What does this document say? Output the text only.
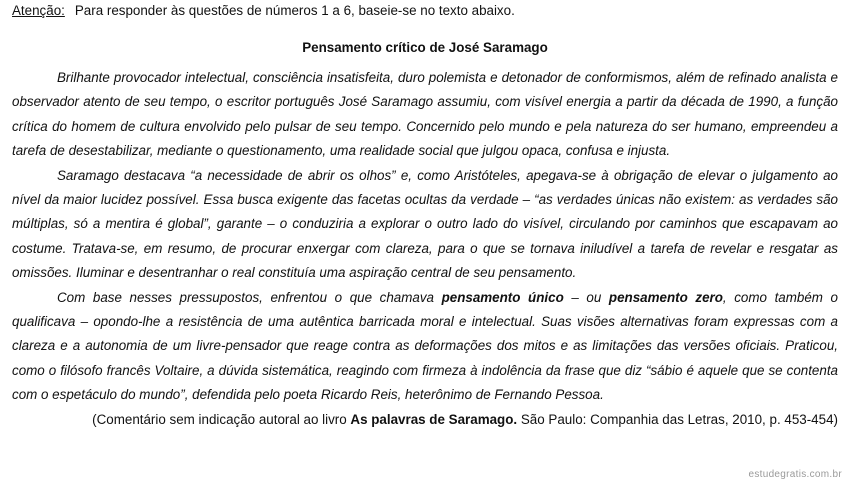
Atenção: Para responder às questões de números 1 a 6, baseie-se no texto abaixo.

Pensamento crítico de José Saramago

Brilhante provocador intelectual, consciência insatisfeita, duro polemista e detonador de conformismos, além de refinado analista e observador atento de seu tempo, o escritor português José Saramago assumiu, com visível energia a partir da década de 1990, a função crítica do homem de cultura envolvido pelo pulsar de seu tempo. Concernido pelo mundo e pela natureza do ser humano, empreendeu a tarefa de desestabilizar, mediante o questionamento, uma realidade social que julgou opaca, confusa e injusta.

Saramago destacava “a necessidade de abrir os olhos” e, como Aristóteles, apegava-se à obrigação de elevar o julgamento ao nível da maior lucidez possível. Essa busca exigente das facetas ocultas da verdade – “as verdades únicas não existem: as verdades são múltiplas, só a mentira é global”, garante – o conduziria a explorar o outro lado do visível, circulando por caminhos que escapavam ao costume. Tratava-se, em resumo, de procurar enxergar com clareza, para o que se tornava iniludível a tarefa de revelar e resgatar as omissões. Iluminar e desentranhar o real constituía uma aspiração central de seu pensamento.

Com base nesses pressupostos, enfrentou o que chamava pensamento único – ou pensamento zero, como também o qualificava – opondo-lhe a resistência de uma autêntica barricada moral e intelectual. Suas visões alternativas foram expressas com a clareza e a autonomia de um livre-pensador que reage contra as deformações dos mitos e as limitações das versões oficiais. Praticou, como o filósofo francês Voltaire, a dúvida sistemática, reagindo com firmeza à indolência da frase que diz “sábio é aquele que se contenta com o espetáculo do mundo”, defendida pelo poeta Ricardo Reis, heterônimo de Fernando Pessoa.

(Comentário sem indicação autoral ao livro As palavras de Saramago. São Paulo: Companhia das Letras, 2010, p. 453-454)
estudegratis.com.br
